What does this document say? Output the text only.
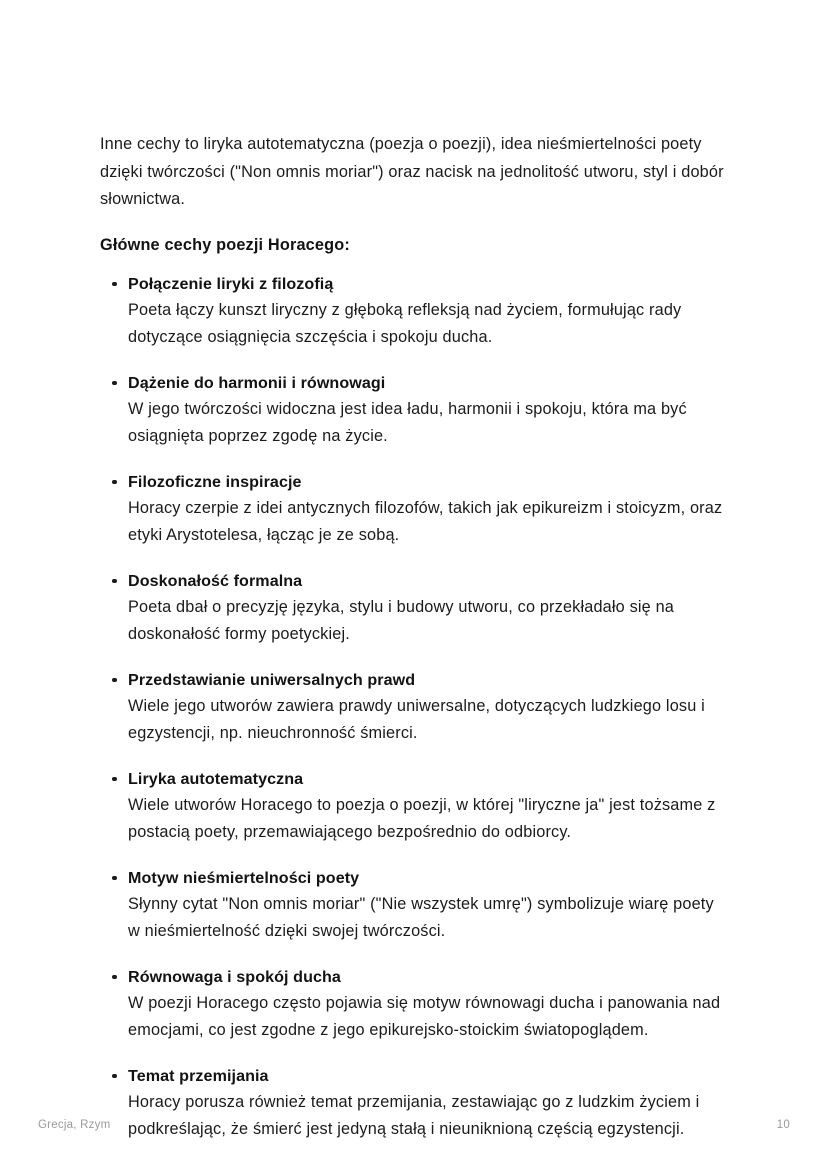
Inne cechy to liryka autotematyczna (poezja o poezji), idea nieśmiertelności poety dzięki twórczości ("Non omnis moriar") oraz nacisk na jednolitość utworu, styl i dobór słownictwa.

Główne cechy poezji Horacego:

Połączenie liryki z filozofią
Poeta łączy kunszt liryczny z głęboką refleksją nad życiem, formułując rady dotyczące osiągnięcia szczęścia i spokoju ducha.
Dążenie do harmonii i równowagi
W jego twórczości widoczna jest idea ładu, harmonii i spokoju, która ma być osiągnięta poprzez zgodę na życie.
Filozoficzne inspiracje
Horacy czerpie z idei antycznych filozofów, takich jak epikureizm i stoicyzm, oraz etyki Arystotelesa, łącząc je ze sobą.
Doskonałość formalna
Poeta dbał o precyzję języka, stylu i budowy utworu, co przekładało się na doskonałość formy poetyckiej.
Przedstawianie uniwersalnych prawd
Wiele jego utworów zawiera prawdy uniwersalne, dotyczących ludzkiego losu i egzystencji, np. nieuchronność śmierci.
Liryka autotematyczna
Wiele utworów Horacego to poezja o poezji, w której "liryczne ja" jest tożsame z postacią poety, przemawiającego bezpośrednio do odbiorcy.
Motyw nieśmiertelności poety
Słynny cytat "Non omnis moriar" ("Nie wszystek umrę") symbolizuje wiarę poety w nieśmiertelność dzięki swojej twórczości.
Równowaga i spokój ducha
W poezji Horacego często pojawia się motyw równowagi ducha i panowania nad emocjami, co jest zgodne z jego epikurejsko-stoickim światopoglądem.
Temat przemijania
Horacy porusza również temat przemijania, zestawiając go z ludzkim życiem i podkreślając, że śmierć jest jedyną stałą i nieuniknioną częścią egzystencji.
Grecja, Rzym	10
